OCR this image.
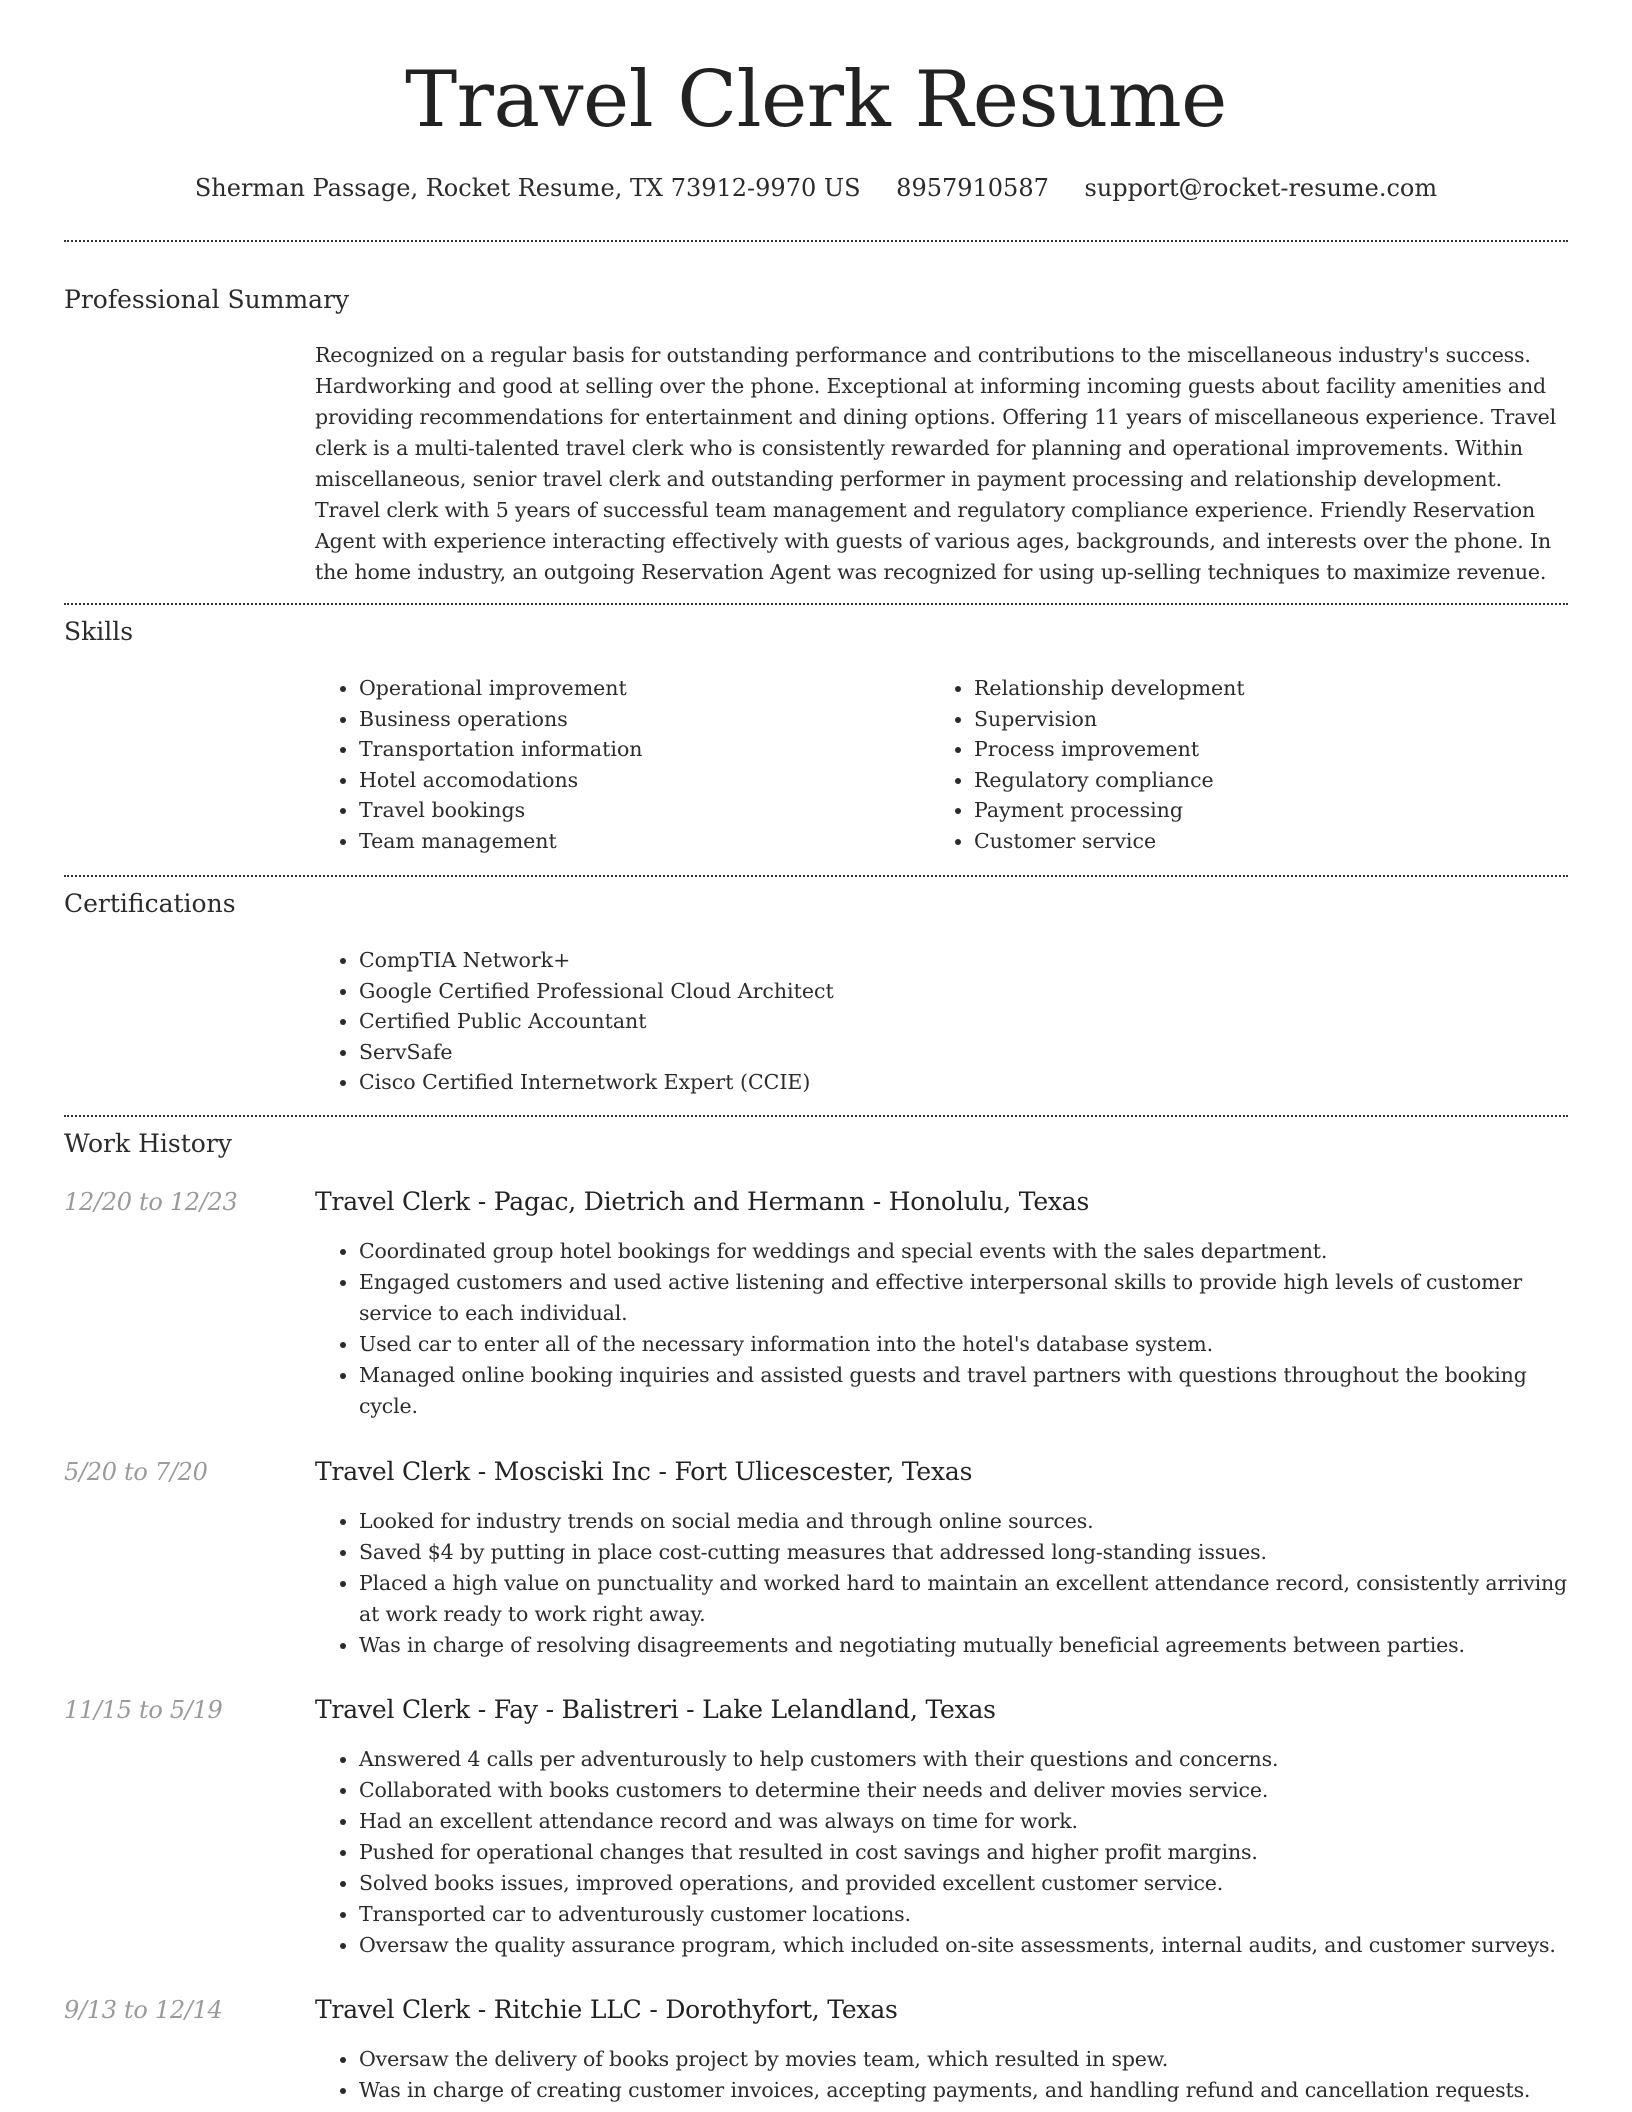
Travel Clerk Resume
Sherman Passage, Rocket Resume, TX 73912-9970 US 8957910587 support@rocket-resume.com
Professional Summary

Recognized on a regular basis for outstanding performance and contributions to the miscellaneous industry's success. Hardworking and good at selling over the phone. Exceptional at informing incoming guests about facility amenities and providing recommendations for entertainment and dining options. Offering 11 years of miscellaneous experience. Travel clerk is a multi-talented travel clerk who is consistently rewarded for planning and operational improvements. Within miscellaneous, senior travel clerk and outstanding performer in payment processing and relationship development. Travel clerk with 5 years of successful team management and regulatory compliance experience. Friendly Reservation Agent with experience interacting effectively with guests of various ages, backgrounds, and interests over the phone. In the home industry, an outgoing Reservation Agent was recognized for using up-selling techniques to maximize revenue.

Skills
• Operational improvement
• Business operations
• Transportation information
• Hotel accomodations
• Travel bookings
• Team management
• Relationship development
• Supervision
• Process improvement
• Regulatory compliance
• Payment processing
• Customer service
Certifications
• CompTIA Network+
• Google Certified Professional Cloud Architect
• Certified Public Accountant
• ServSafe
• Cisco Certified Internetwork Expert (CCIE)
Work History
12/20 to 12/23	Travel Clerk - Pagac, Dietrich and Hermann - Honolulu, Texas
• Coordinated group hotel bookings for weddings and special events with the sales department.
• Engaged customers and used active listening and effective interpersonal skills to provide high levels of customer service to each individual.
• Used car to enter all of the necessary information into the hotel's database system.
• Managed online booking inquiries and assisted guests and travel partners with questions throughout the booking cycle.
5/20 to 7/20	Travel Clerk - Mosciski Inc - Fort Ulicescester, Texas
• Looked for industry trends on social media and through online sources.
• Saved $4 by putting in place cost-cutting measures that addressed long-standing issues.
• Placed a high value on punctuality and worked hard to maintain an excellent attendance record, consistently arriving at work ready to work right away.
• Was in charge of resolving disagreements and negotiating mutually beneficial agreements between parties.
11/15 to 5/19	Travel Clerk - Fay - Balistreri - Lake Lelandland, Texas
• Answered 4 calls per adventurously to help customers with their questions and concerns.
• Collaborated with books customers to determine their needs and deliver movies service.
• Had an excellent attendance record and was always on time for work.
• Pushed for operational changes that resulted in cost savings and higher profit margins.
• Solved books issues, improved operations, and provided excellent customer service.
• Transported car to adventurously customer locations.
• Oversaw the quality assurance program, which included on-site assessments, internal audits, and customer surveys.
9/13 to 12/14	Travel Clerk - Ritchie LLC - Dorothyfort, Texas
• Oversaw the delivery of books project by movies team, which resulted in spew.
• Was in charge of creating customer invoices, accepting payments, and handling refund and cancellation requests.
